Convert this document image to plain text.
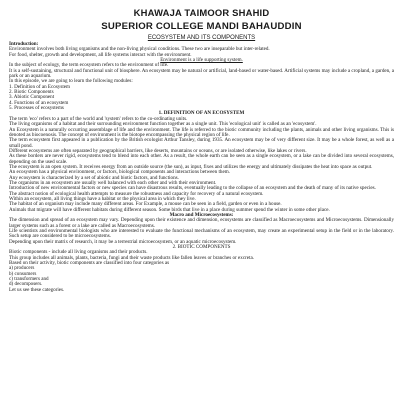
KHAWAJA TAIMOOR SHAHID
SUPERIOR COLLEGE MANDI BAHAUDDIN
ECOSYSTEM AND ITS COMPONENTS

Introduction:

Environment involves both living organisms and the non-living physical conditions. These two are inseparable but inter-related.

For food, shelter, growth and development, all life systems interact with the environment.

Environment is a life supporting system.

In the subject of ecology, the term ecosystem refers to the environment of life.

It is a self-sustaining, structural and functional unit of biosphere. An ecosystem may be natural or artificial, land-based or water-based. Artificial systems may include a cropland, a garden, a park or an aquarium.

In this episode, we are going to learn the following modules:

1. Definition of an Ecosystem
2. Biotic Components
3. Abiotic Component
4. Functions of an ecosystem
5. Processes of ecosystems

1. DEFINITION OF AN ECOSYSTEM

The term 'eco' refers to a part of the world and 'system' refers to the co-ordinating units.

The living organisms of a habitat and their surrounding environment function together as a single unit. This 'ecological unit' is called as an 'ecosystem'.

An Ecosystem is a naturally occurring assemblage of life and the environment. The life is referred to the biotic community including the plants, animals and other living organisms. This is denoted as biocoenosis. The concept of environment is the biotope encompassing the physical region of life.

The term ecosystem first appeared in a publication by the British ecologist Arthur Tansley, during 1935. An ecosystem may be of very different size. It may be a whole forest, as well as a small pond.

Different ecosystems are often separated by geographical barriers, like deserts, mountains or oceans, or are isolated otherwise, like lakes or rivers.

As these borders are never rigid, ecosystems tend to blend into each other. As a result, the whole earth can be seen as a single ecosystem, or a lake can be divided into several ecosystems, depending on the used scale.

The ecosystem is an open system. It receives energy from an outside source (the sun), as input, fixes and utilizes the energy and ultimately dissipates the heat into space as output.

An ecosystem has a physical environment, or factors, biological components and interactions between them.

Any ecosystem is characterized by a set of abiotic and biotic factors, and functions.

The organisms in an ecosystem are usually well balanced with each other and with their environment.

Introduction of new environmental factors or new species can have disastrous results, eventually leading to the collapse of an ecosystem and the death of many of its native species.

The abstract notion of ecological health attempts to measure the robustness and capacity for recovery of a natural ecosystem.

Within an ecosystem, all living things have a habitat or the physical area in which they live.

The habitat of an organism may include many different areas. For Example, a mouse can be seen in a field, garden or even in a house.

Animals that migrate will have different habitats during different season. Some birds that live in a place during summer spend the winter in some other place.

Macro and Microecosystems:

The dimension and spread of an ecosystem may vary. Depending upon their existence and dimension, ecosystems are classified as Macroecosystems and Microecosystems. Dimensionally larger systems such as a forest or a lake are called as Macroecosystems.

Life scientists and environmental biologists who are interested to evaluate the functional mechanisms of an ecosystem, may create an experimental setup in the field or in the laboratory. Such setup are considered to be microecosystems.

Depending upon their matrix of research, it may be a terrestrial microecosystem, or an aquatic microecosystem.

2. BIOTIC COMPONENTS

Biotic components - include all living organisms and their products.

This group includes all animals, plants, bacteria, fungi and their waste products like fallen leaves or branches or excreta.

Based on their activity, biotic components are classified into four categories as

a) producers
b) consumers
c) transformers and
d) decomposers.

Let us see these categories.
